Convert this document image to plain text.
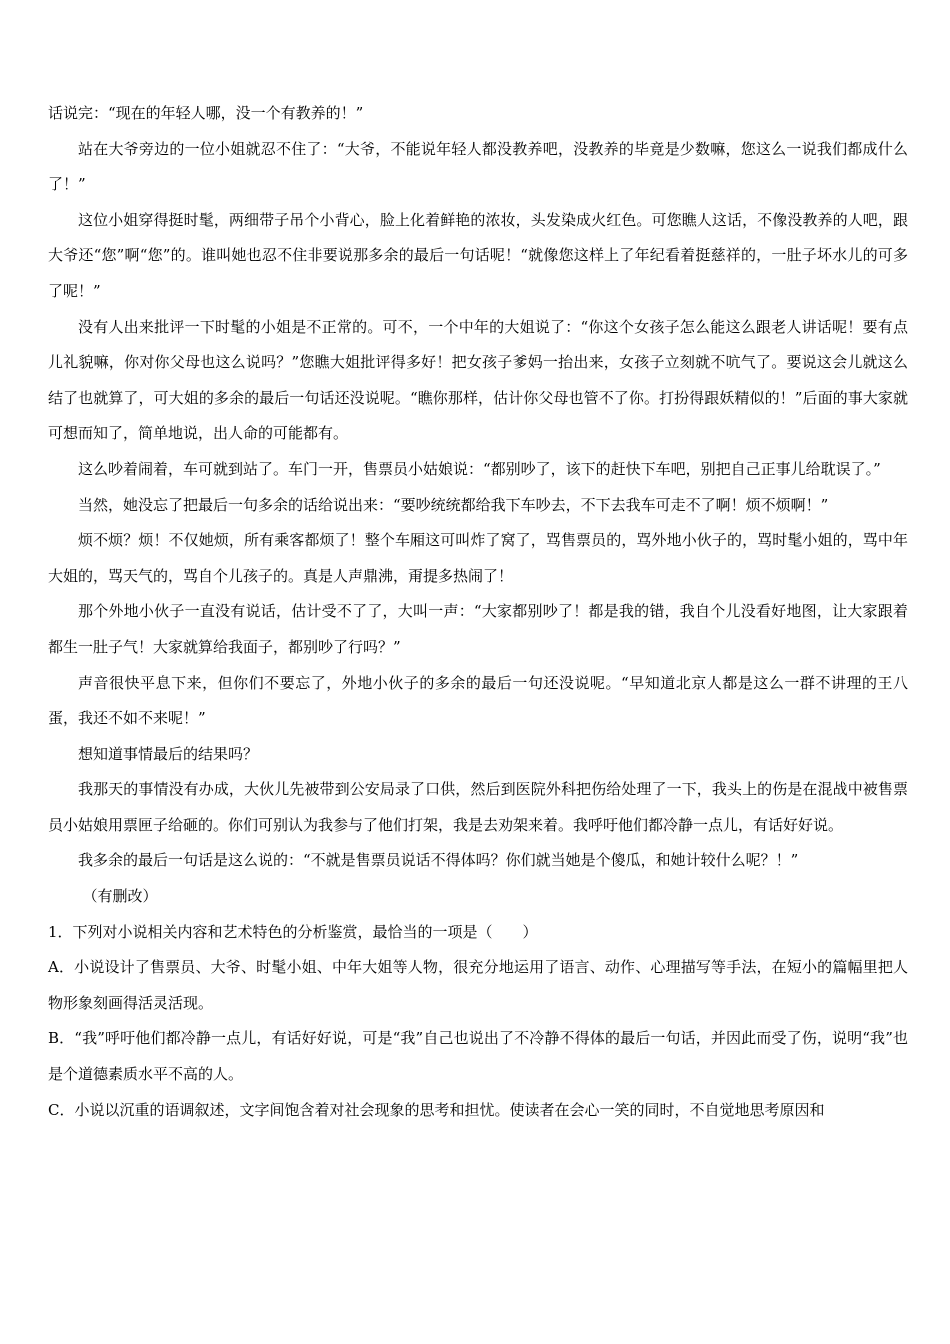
话说完：“现在的年轻人哪，没一个有教养的！”

站在大爷旁边的一位小姐就忍不住了：“大爷，不能说年轻人都没教养吧，没教养的毕竟是少数嘛，您这么一说我们都成什么了！”

这位小姐穿得挺时髦，两细带子吊个小背心，脸上化着鲜艳的浓妆，头发染成火红色。可您瞧人这话，不像没教养的人吧，跟大爷还“您”啊“您”的。谁叫她也忍不住非要说那多余的最后一句话呢！“就像您这样上了年纪看着挺慈祥的，一肚子坏水儿的可多了呢！”

没有人出来批评一下时髦的小姐是不正常的。可不，一个中年的大姐说了：“你这个女孩子怎么能这么跟老人讲话呢！要有点儿礼貌嘛，你对你父母也这么说吗？”您瞧大姐批评得多好！把女孩子爹妈一抬出来，女孩子立刻就不吭气了。要说这会儿就这么结了也就算了，可大姐的多余的最后一句话还没说呢。“瞧你那样，估计你父母也管不了你。打扮得跟妖精似的！”后面的事大家就可想而知了，简单地说，出人命的可能都有。

这么吵着闹着，车可就到站了。车门一开，售票员小姑娘说：“都别吵了，该下的赶快下车吧，别把自己正事儿给耽误了。”

当然，她没忘了把最后一句多余的话给说出来：“要吵统统都给我下车吵去，不下去我车可走不了啊！烦不烦啊！”

烦不烦？烦！不仅她烦，所有乘客都烦了！整个车厢这可叫炸了窝了，骂售票员的，骂外地小伙子的，骂时髦小姐的，骂中年大姐的，骂天气的，骂自个儿孩子的。真是人声鼎沸，甭提多热闹了！

那个外地小伙子一直没有说话，估计受不了了，大叫一声：“大家都别吵了！都是我的错，我自个儿没看好地图，让大家跟着都生一肚子气！大家就算给我面子，都别吵了行吗？”

声音很快平息下来，但你们不要忘了，外地小伙子的多余的最后一句还没说呢。“早知道北京人都是这么一群不讲理的王八蛋，我还不如不来呢！”

想知道事情最后的结果吗？

我那天的事情没有办成，大伙儿先被带到公安局录了口供，然后到医院外科把伤给处理了一下，我头上的伤是在混战中被售票员小姑娘用票匣子给砸的。你们可别认为我参与了他们打架，我是去劝架来着。我呼吁他们都冷静一点儿，有话好好说。

我多余的最后一句话是这么说的：“不就是售票员说话不得体吗？你们就当她是个傻瓜，和她计较什么呢？！”

（有删改）

1．下列对小说相关内容和艺术特色的分析鉴赏，最恰当的一项是（　　）

A．小说设计了售票员、大爷、时髦小姐、中年大姐等人物，很充分地运用了语言、动作、心理描写等手法，在短小的篇幅里把人物形象刻画得活灵活现。

B．“我”呼吁他们都冷静一点儿，有话好好说，可是“我”自己也说出了不冷静不得体的最后一句话，并因此而受了伤，说明“我”也是个道德素质水平不高的人。

C．小说以沉重的语调叙述，文字间饱含着对社会现象的思考和担忧。使读者在会心一笑的同时，不自觉地思考原因和
